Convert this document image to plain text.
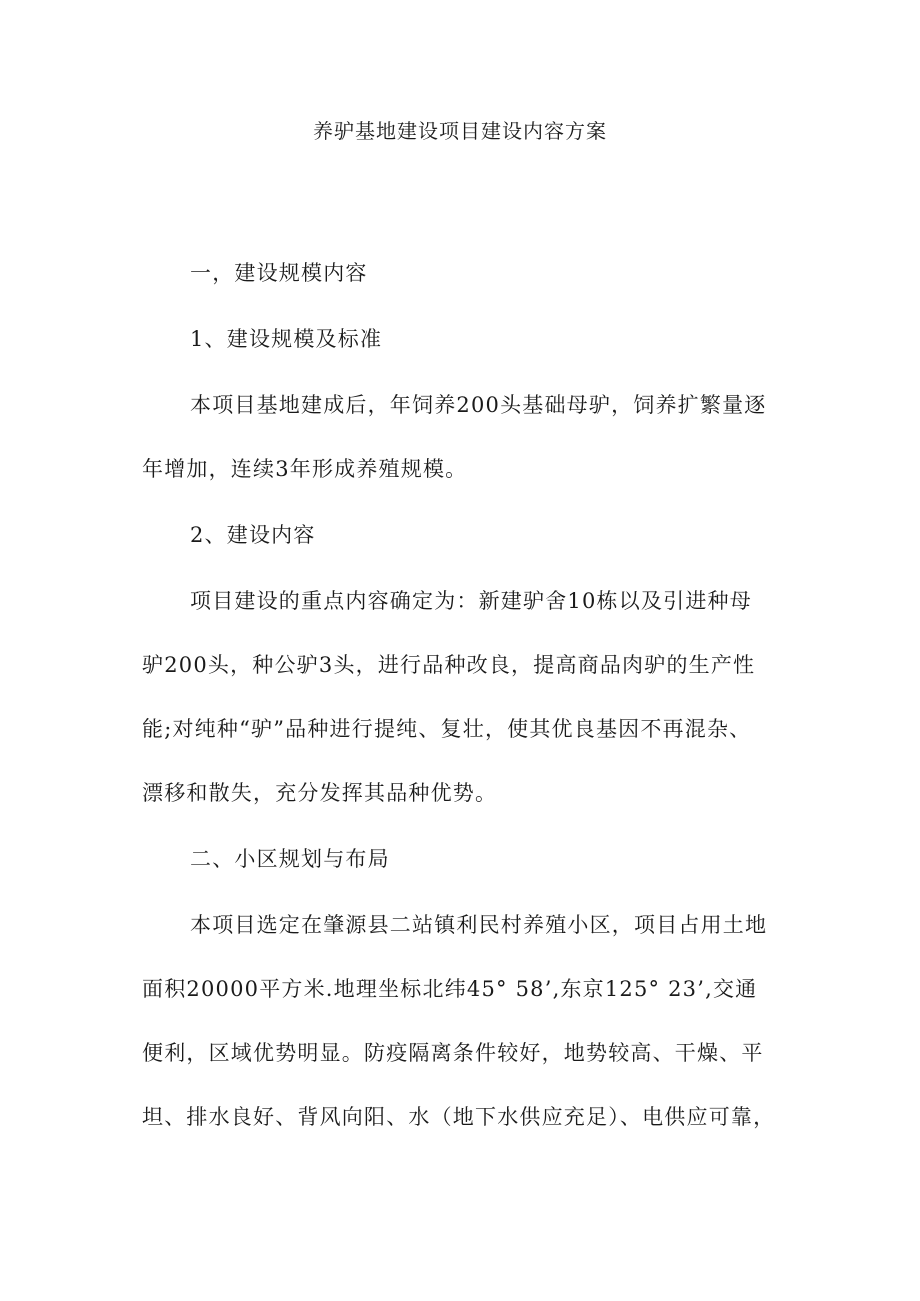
养驴基地建设项目建设内容方案
一，建设规模内容
1、建设规模及标准
本项目基地建成后，年饲养200头基础母驴，饲养扩繁量逐
年增加，连续3年形成养殖规模。
2、建设内容
项目建设的重点内容确定为：新建驴舍10栋以及引进种母
驴200头，种公驴3头，进行品种改良，提高商品肉驴的生产性
能;对纯种“驴”品种进行提纯、复壮，使其优良基因不再混杂、
漂移和散失，充分发挥其品种优势。
二、小区规划与布局
本项目选定在肇源县二站镇利民村养殖小区，项目占用土地
面积20000平方米.地理坐标北纬45° 58’,东京125° 23’,交通
便利，区域优势明显。防疫隔离条件较好，地势较高、干燥、平
坦、排水良好、背风向阳、水（地下水供应充足）、电供应可靠，
